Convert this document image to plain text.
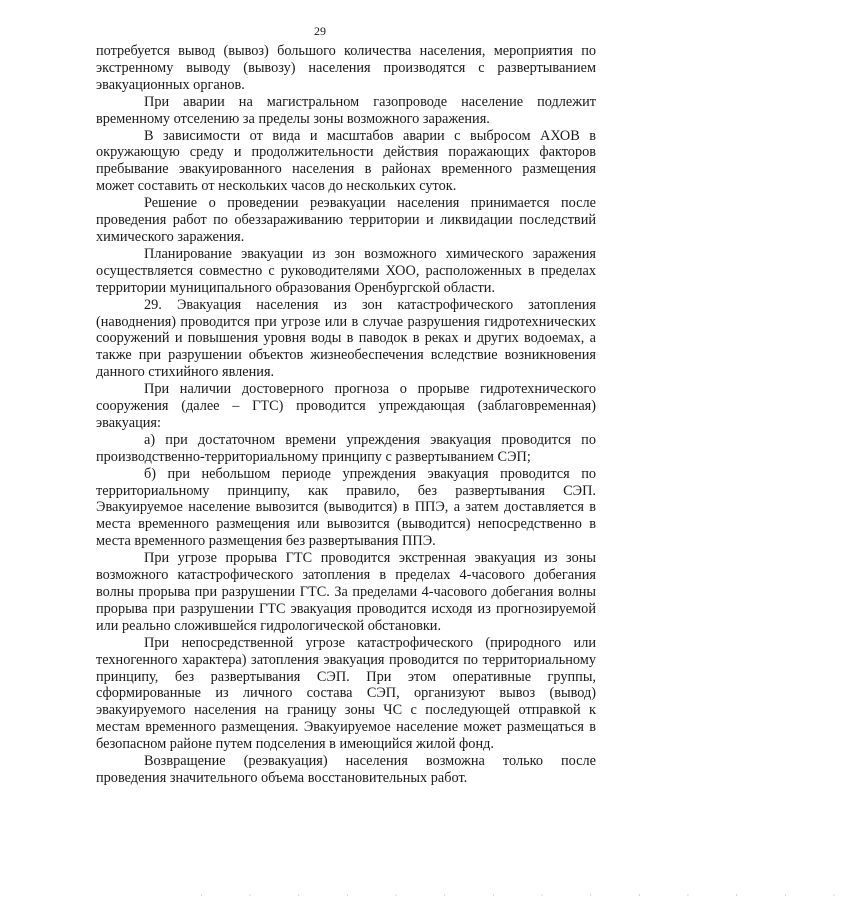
29

потребуется вывод (вывоз) большого количества населения, мероприятия по экстренному выводу (вывозу) населения производятся с развертыванием эвакуационных органов.

При аварии на магистральном газопроводе население подлежит временному отселению за пределы зоны возможного заражения.

В зависимости от вида и масштабов аварии с выбросом АХОВ в окружающую среду и продолжительности действия поражающих факторов пребывание эвакуированного населения в районах временного размещения может составить от нескольких часов до нескольких суток.

Решение о проведении реэвакуации населения принимается после проведения работ по обеззараживанию территории и ликвидации последствий химического заражения.

Планирование эвакуации из зон возможного химического заражения осуществляется совместно с руководителями ХОО, расположенных в пределах территории муниципального образования Оренбургской области.

29. Эвакуация населения из зон катастрофического затопления (наводнения) проводится при угрозе или в случае разрушения гидротехнических сооружений и повышения уровня воды в паводок в реках и других водоемах, а также при разрушении объектов жизнеобеспечения вследствие возникновения данного стихийного явления.

При наличии достоверного прогноза о прорыве гидротехнического сооружения (далее – ГТС) проводится упреждающая (заблаговременная) эвакуация:

а) при достаточном времени упреждения эвакуация проводится по производственно-территориальному принципу с развертыванием СЭП;

б) при небольшом периоде упреждения эвакуация проводится по территориальному принципу, как правило, без развертывания СЭП. Эвакуируемое население вывозится (выводится) в ППЭ, а затем доставляется в места временного размещения или вывозится (выводится) непосредственно в места временного размещения без развертывания ППЭ.

При угрозе прорыва ГТС проводится экстренная эвакуация из зоны возможного катастрофического затопления в пределах 4-часового добегания волны прорыва при разрушении ГТС. За пределами 4-часового добегания волны прорыва при разрушении ГТС эвакуация проводится исходя из прогнозируемой или реально сложившейся гидрологической обстановки.

При непосредственной угрозе катастрофического (природного или техногенного характера) затопления эвакуация проводится по территориальному принципу, без развертывания СЭП. При этом оперативные группы, сформированные из личного состава СЭП, организуют вывоз (вывод) эвакуируемого населения на границу зоны ЧС с последующей отправкой к местам временного размещения. Эвакуируемое население может размещаться в безопасном районе путем подселения в имеющийся жилой фонд.

Возвращение (реэвакуация) населения возможна только после проведения значительного объема восстановительных работ.

· · · · · · · · · · · · · ·
